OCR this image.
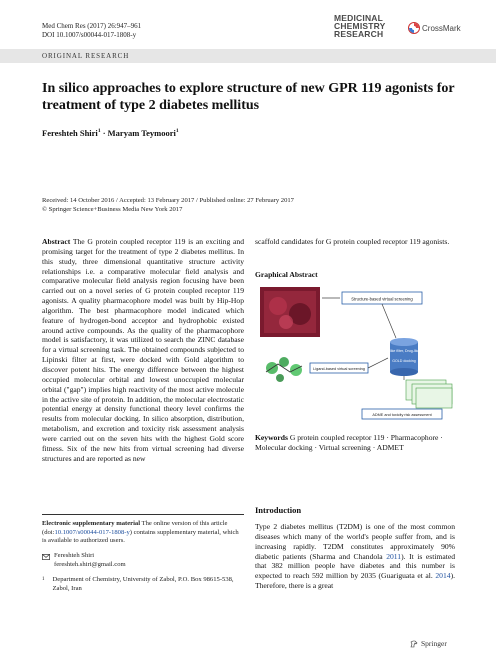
Med Chem Res (2017) 26:947–961
DOI 10.1007/s00044-017-1808-y
MEDICINAL
CHEMISTRY
RESEARCH
CrossMark
ORIGINAL RESEARCH
In silico approaches to explore structure of new GPR 119 agonists for treatment of type 2 diabetes mellitus
Fereshteh Shiri$^1$ · Maryam Teymoori$^1$
Received: 14 October 2016 / Accepted: 13 February 2017 / Published online: 27 February 2017
© Springer Science+Business Media New York 2017
Abstract The G protein coupled receptor 119 is an exciting and promising target for the treatment of type 2 diabetes mellitus. In this study, three dimensional quantitative structure activity relationships i.e. a comparative molecular field analysis and comparative molecular field analysis region focusing have been carried out on a novel series of G protein coupled receptor 119 agonists. A quality pharmacophore model was built by Hip-Hop algorithm. The best pharmacophore model indicated which feature of hydrogen-bond acceptor and hydrophobic existed around active compounds. As the quality of the pharmacophore model is satisfactory, it was utilized to search the ZINC database for a virtual screening task. The obtained compounds subjected to Lipinski filter at first, were docked with Gold algorithm to discover potent hits. The energy difference between the highest occupied molecular orbital and lowest unoccupied molecular orbital ("gap") implies high reactivity of the most active molecule in the active site of protein. In addition, the molecular electrostatic potential energy at density functional theory level confirms the results from molecular docking. In silico absorption, distribution, metabolism, and excretion and toxicity risk assessment analysis were carried out on the seven hits with the highest Gold score fitness. Six of the new hits from virtual screening had diverse structures and are reported as new
scaffold candidates for G protein coupled receptor 119 agonists.
Graphical Abstract
Structure-based virtual screening
Ligand-based virtual screening
Lead-like filter, Drug-like filter
GOLD docking
ADME and toxicity risk assessment
Keywords G protein coupled receptor 119 · Pharmacophore · Molecular docking · Virtual screening · ADMET
Introduction
Type 2 diabetes mellitus (T2DM) is one of the most common diseases which many of the world's people suffer from, and is increasing rapidly. T2DM constitutes approximately 90% diabetic patients (Sharma and Chandola 2011). It is estimated that 382 million people have diabetes and this number is expected to reach 592 million by 2035 (Guariguata et al. 2014). Therefore, there is a great
Electronic supplementary material The online version of this article (doi:10.1007/s00044-017-1808-y) contains supplementary material, which is available to authorized users.
Fereshteh Shiri
fereshteh.shiri@gmail.com
1 Department of Chemistry, University of Zabol, P.O. Box 98615-538, Zabol, Iran
Springer
